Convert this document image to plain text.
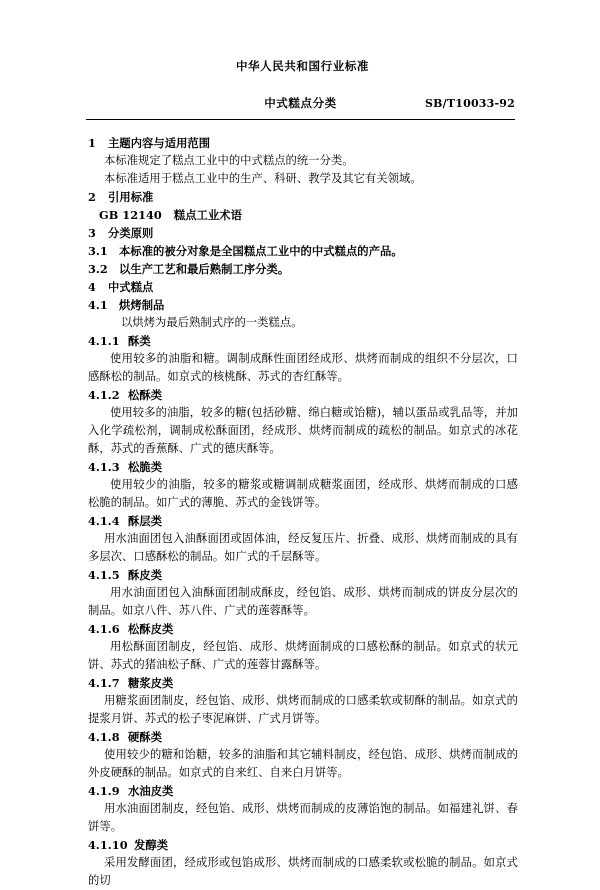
中华人民共和国行业标准
中式糕点分类	SB/T10033-92
1 主题内容与适用范围
本标准规定了糕点工业中的中式糕点的统一分类。
本标准适用于糕点工业中的生产、科研、教学及其它有关领域。
2 引用标准
GB 12140 糕点工业术语
3 分类原则
3.1 本标准的被分对象是全国糕点工业中的中式糕点的产品。
3.2 以生产工艺和最后熟制工序分类。
4 中式糕点
4.1 烘烤制品
以烘烤为最后熟制式序的一类糕点。
4.1.1 酥类
使用较多的油脂和糖。调制成酥性面团经成形、烘烤而制成的组织不分层次，口感酥松的制品。如京式的核桃酥、苏式的杏红酥等。
4.1.2 松酥类
使用较多的油脂，较多的糖(包括砂糖、绵白糖或饴糖)，辅以蛋品或乳品等，并加入化学疏松剂，调制成松酥面团，经成形、烘烤而制成的疏松的制品。如京式的冰花酥，苏式的香蕉酥、广式的德庆酥等。
4.1.3 松脆类
使用较少的油脂，较多的糖浆或糖调制成糖浆面团，经成形、烘烤而制成的口感松脆的制品。如广式的薄脆、苏式的金钱饼等。
4.1.4 酥层类
用水油面团包入油酥面团或固体油，经反复压片、折叠、成形、烘烤而制成的具有多层次、口感酥松的制品。如广式的千层酥等。
4.1.5 酥皮类
用水油面团包入油酥面团制成酥皮，经包馅、成形、烘烤而制成的饼皮分层次的制品。如京八件、苏八件、广式的莲蓉酥等。
4.1.6 松酥皮类
用松酥面团制皮，经包馅、成形、烘烤面制成的口感松酥的制品。如京式的状元饼、苏式的猪油松子酥、广式的莲蓉甘露酥等。
4.1.7 糖浆皮类
用糖浆面团制皮，经包馅、成形、烘烤而制成的口感柔软或韧酥的制品。如京式的提浆月饼、苏式的松子枣泥麻饼、广式月饼等。
4.1.8 硬酥类
使用较少的糖和饴糖，较多的油脂和其它辅料制皮，经包馅、成形、烘烤而制成的外皮硬酥的制品。如京式的自来红、自来白月饼等。
4.1.9 水油皮类
用水油面团制皮，经包馅、成形、烘烤而制成的皮薄馅饱的制品。如福建礼饼、春饼等。
4.1.10 发醇类
采用发酵面团，经成形或包馅成形、烘烤而制成的口感柔软或松脆的制品。如京式的切
